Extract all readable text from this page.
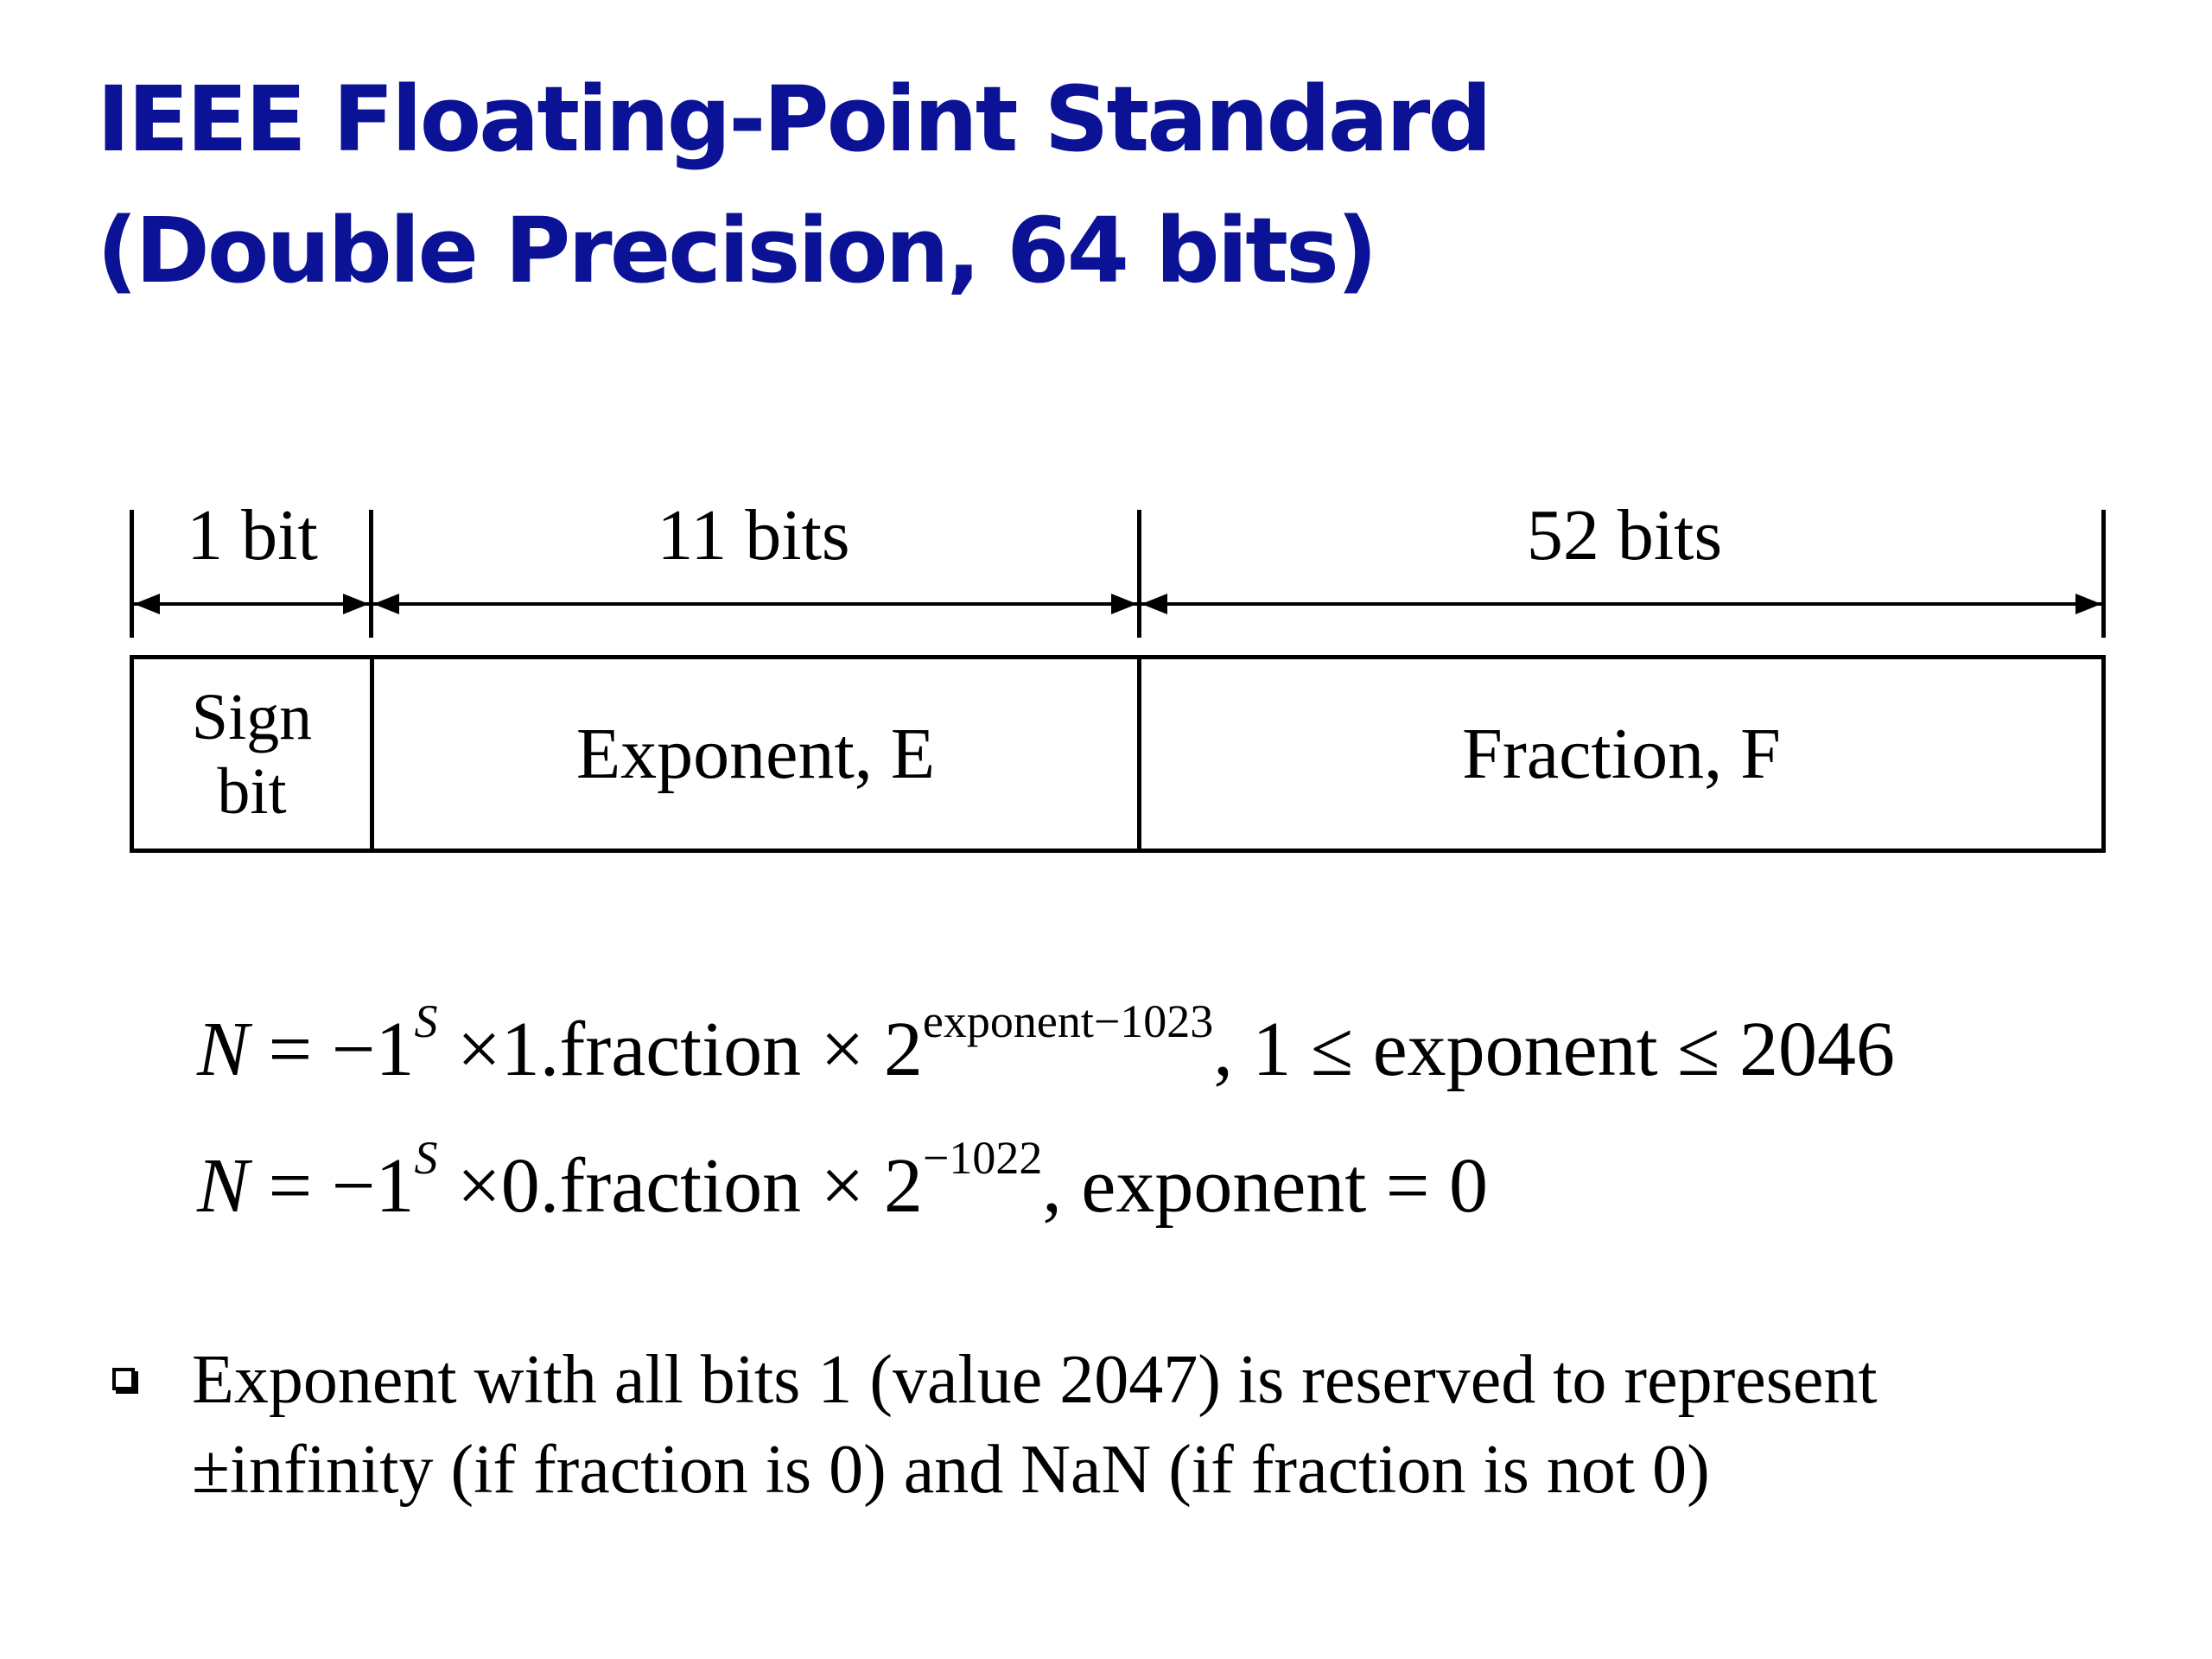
IEEE Floating-Point Standard
(Double Precision, 64 bits)
1 bit	11 bits	52 bits
Sign
bit	Exponent, E	Fraction, F
$N = -1^S$ ×1.fraction × $2^{exponent-1023}$, 1 ≤ exponent ≤ 2046
$N = -1^S$ ×0.fraction × $2^{-1022}$, exponent = 0
Exponent with all bits 1 (value 2047) is reserved to represent
±infinity (if fraction is 0) and NaN (if fraction is not 0)
